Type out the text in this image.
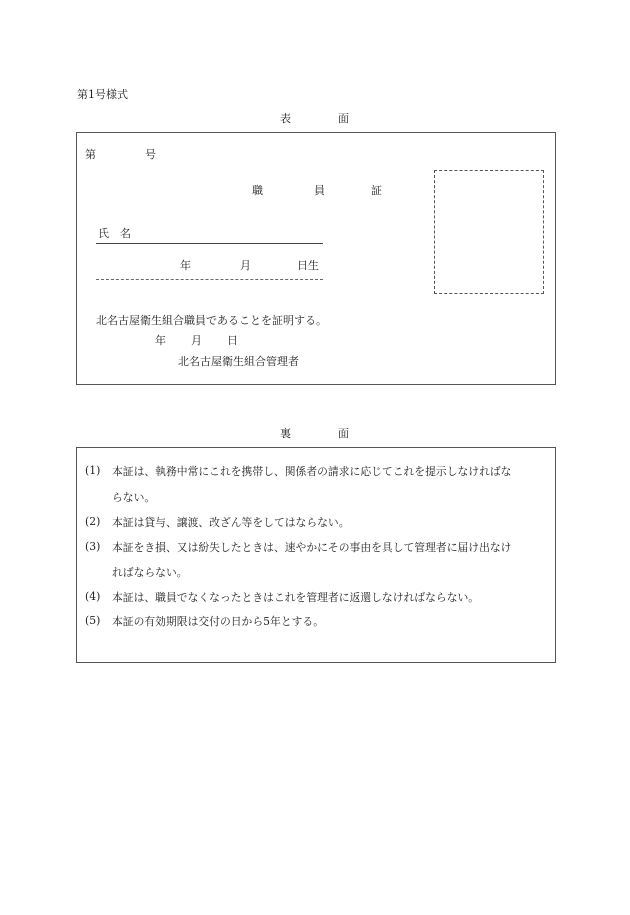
第1号様式
表	面
第	号
職	員	証
氏 名
年	月	日生
北名古屋衛生組合職員であることを証明する。
年 月 日
北名古屋衛生組合管理者
裏	面
(1) 本証は、執務中常にこれを携帯し、関係者の請求に応じてこれを提示しなければな
らない。
(2) 本証は貸与、譲渡、改ざん等をしてはならない。
(3) 本証をき損、又は紛失したときは、速やかにその事由を具して管理者に届け出なけ
ればならない。
(4) 本証は、職員でなくなったときはこれを管理者に返還しなければならない。
(5) 本証の有効期限は交付の日から5年とする。
